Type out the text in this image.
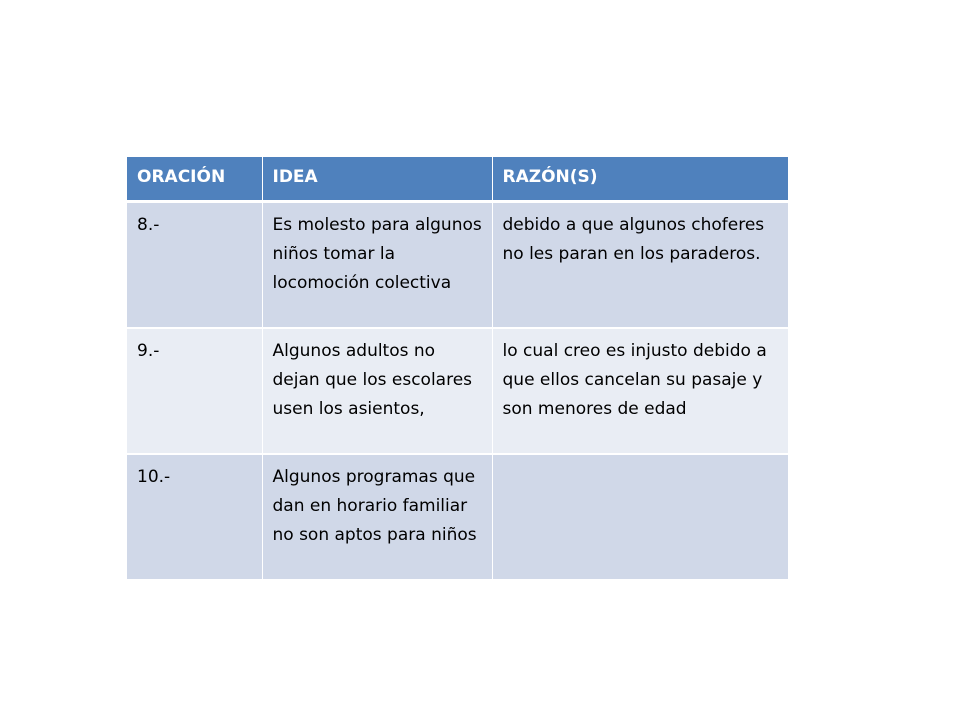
ORACIÓN	IDEA	RAZÓN(S)
8.-	Es molesto para algunos niños tomar la locomoción colectiva	debido a que algunos choferes no les paran en los paraderos.
9.-	Algunos adultos no dejan que los escolares usen los asientos,	lo cual creo es injusto debido a que ellos cancelan su pasaje y son menores de edad
10.-	Algunos programas que dan en horario familiar no son aptos para niños	
